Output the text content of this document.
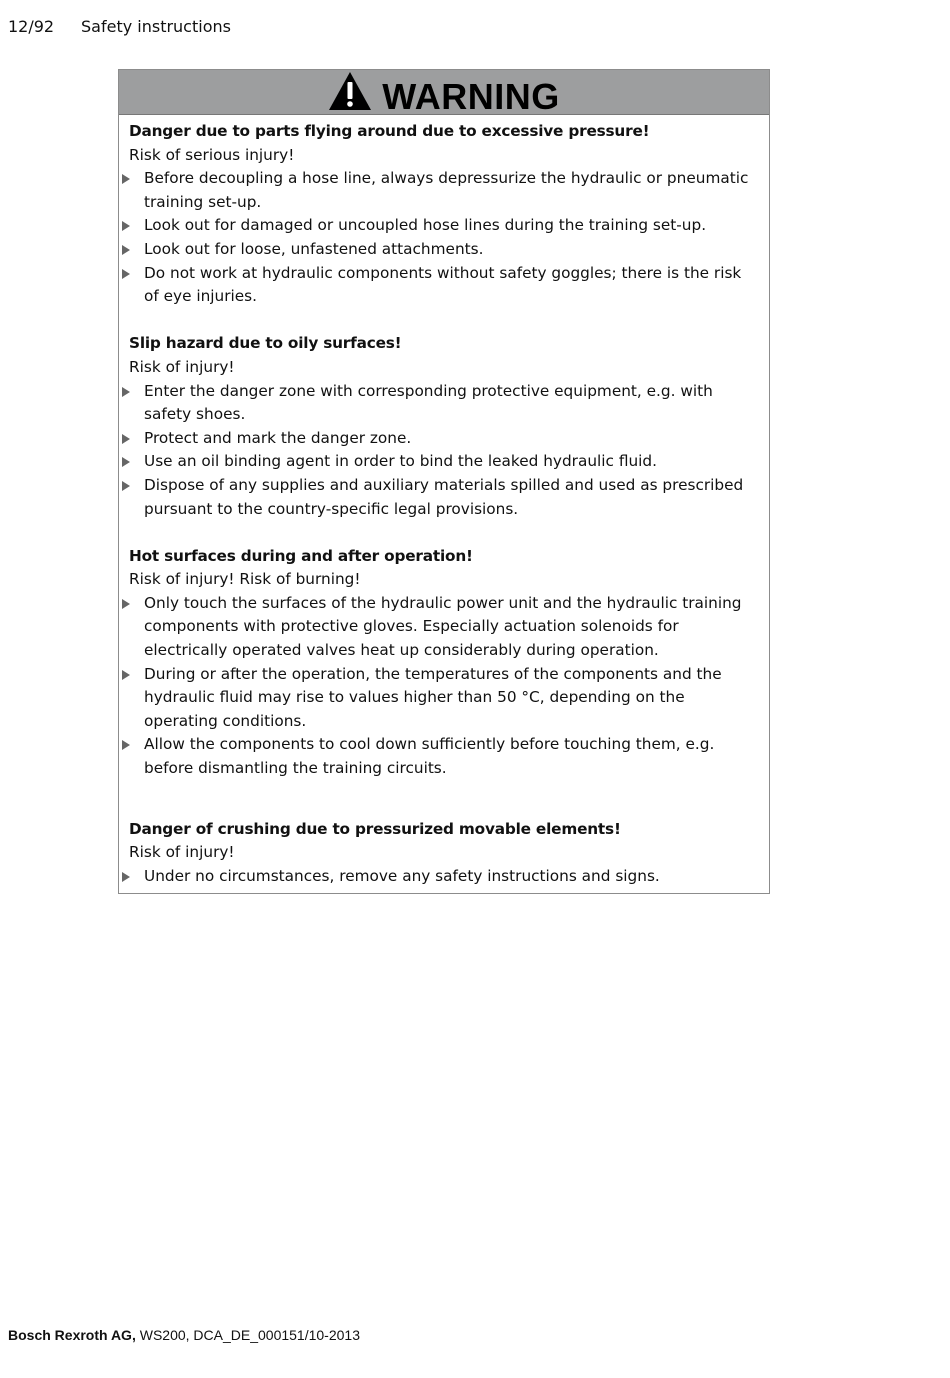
12/92 Safety instructions
WARNING
Danger due to parts flying around due to excessive pressure!
Risk of serious injury!
Before decoupling a hose line, always depressurize the hydraulic or pneumatic training set-up.
Look out for damaged or uncoupled hose lines during the training set-up.
Look out for loose, unfastened attachments.
Do not work at hydraulic components without safety goggles; there is the risk of eye injuries.
Slip hazard due to oily surfaces!
Risk of injury!
Enter the danger zone with corresponding protective equipment, e.g. with safety shoes.
Protect and mark the danger zone.
Use an oil binding agent in order to bind the leaked hydraulic fluid.
Dispose of any supplies and auxiliary materials spilled and used as prescribed pursuant to the country-specific legal provisions.
Hot surfaces during and after operation!
Risk of injury! Risk of burning!
Only touch the surfaces of the hydraulic power unit and the hydraulic training components with protective gloves. Especially actuation solenoids for electrically operated valves heat up considerably during operation.
During or after the operation, the temperatures of the components and the hydraulic fluid may rise to values higher than 50 °C, depending on the operating conditions.
Allow the components to cool down sufficiently before touching them, e.g. before dismantling the training circuits.
Danger of crushing due to pressurized movable elements!
Risk of injury!
Under no circumstances, remove any safety instructions and signs.
Bosch Rexroth AG, WS200, DCA_DE_000151/10-2013
